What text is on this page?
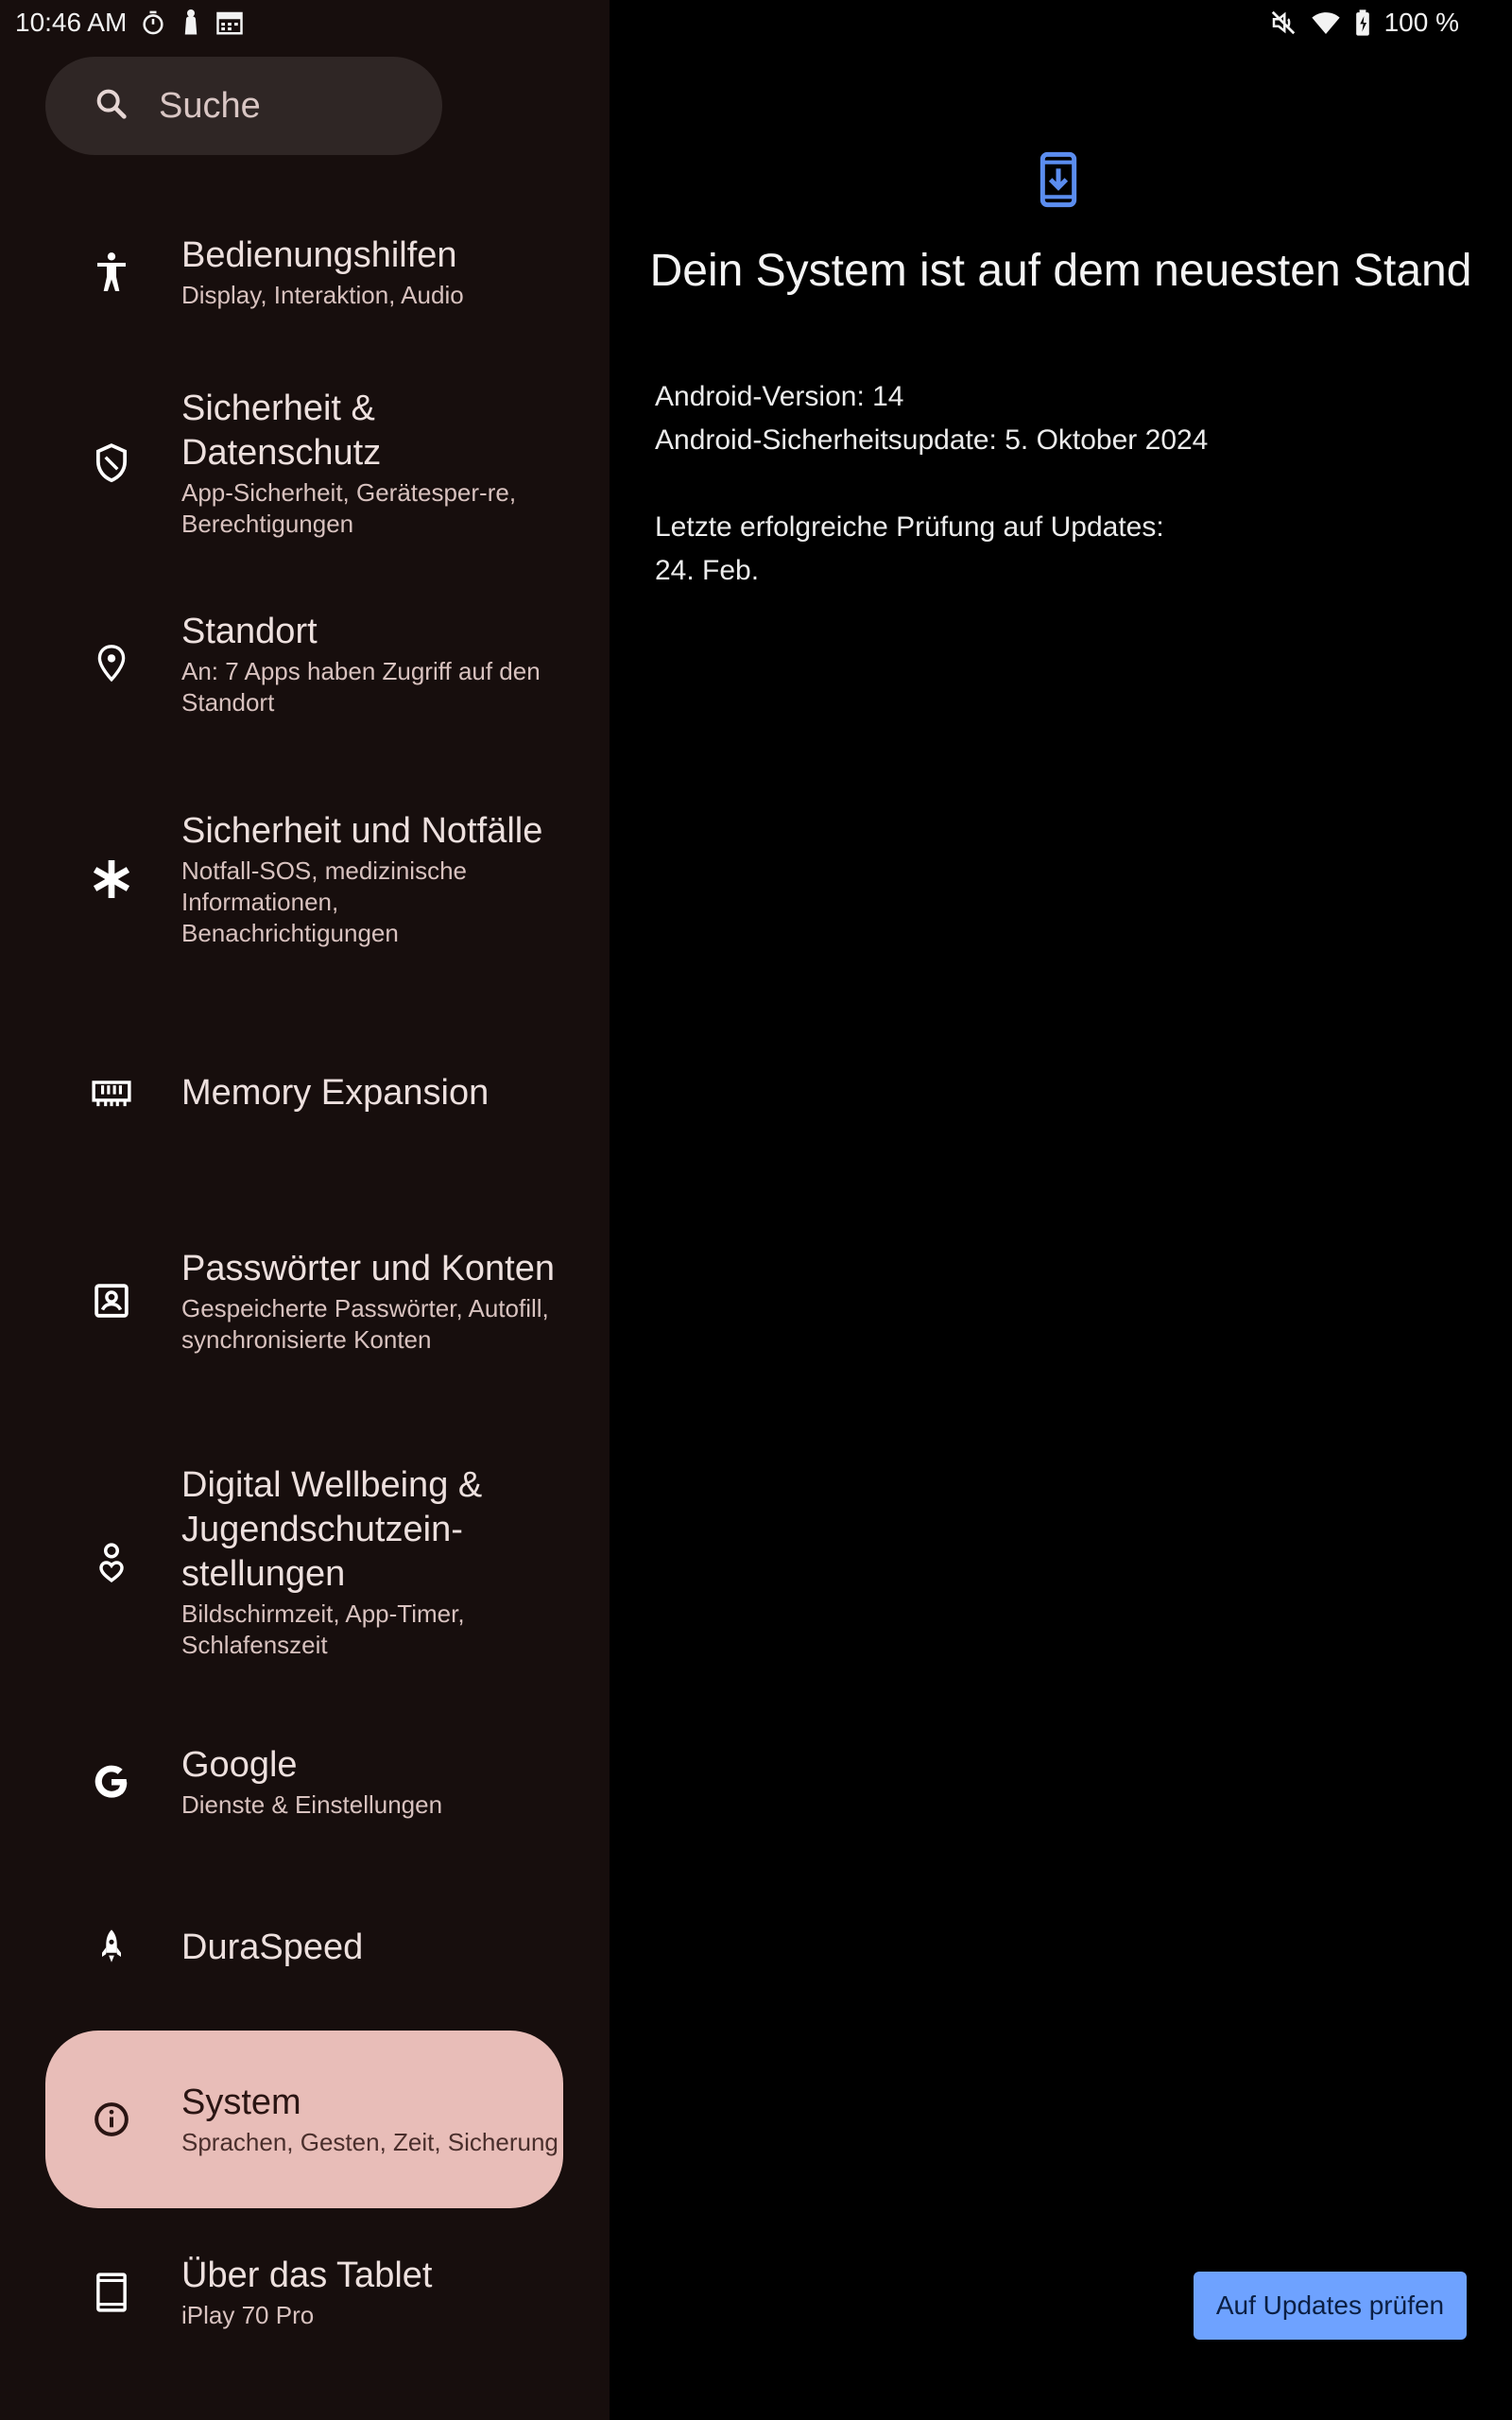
Suche
Bedienungshilfen
Display, Interaktion, Audio
Sicherheit & Datenschutz
App-Sicherheit, Gerätesper-re, Berechtigungen
Standort
An: 7 Apps haben Zugriff auf den Standort
Sicherheit und Notfälle
Notfall-SOS, medizinische Informationen, Benachrichtigungen
Memory Expansion
Passwörter und Konten
Gespeicherte Passwörter, Autofill, synchronisierte Konten
Digital Wellbeing & Jugendschutzein-stellungen
Bildschirmzeit, App-Timer, Schlafenszeit
Google
Dienste & Einstellungen
DuraSpeed
System
Sprachen, Gesten, Zeit, Sicherung
Über das Tablet
iPlay 70 Pro
Dein System ist auf dem neuesten Stand
Android-Version: 14
Android-Sicherheitsupdate: 5. Oktober 2024
Letzte erfolgreiche Prüfung auf Updates:
24. Feb.
Auf Updates prüfen
10:46 AM	100 %
